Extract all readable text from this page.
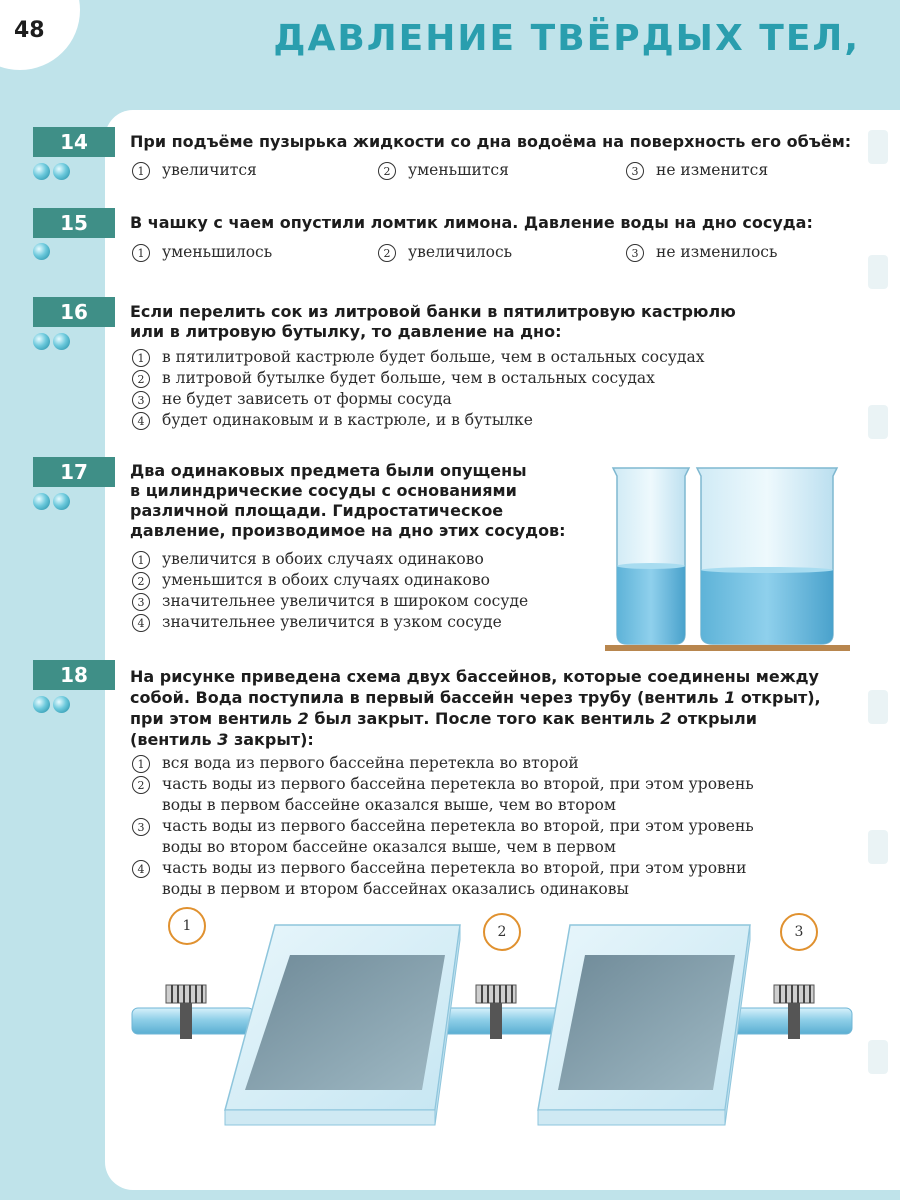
48	ДАВЛЕНИЕ ТВЁРДЫХ ТЕЛ,
14	При подъёме пузырька жидкости со дна водоёма на поверхность его объём:
1	увеличится	2	уменьшится	3	не изменится
15	В чашку с чаем опустили ломтик лимона. Давление воды на дно сосуда:
1	уменьшилось	2	увеличилось	3	не изменилось
16	Если перелить сок из литровой банки в пятилитровую кастрюлю
или в литровую бутылку, то давление на дно:
1	в пятилитровой кастрюле будет больше, чем в остальных сосудах
2	в литровой бутылке будет больше, чем в остальных сосудах
3	не будет зависеть от формы сосуда
4	будет одинаковым и в кастрюле, и в бутылке
17	Два одинаковых предмета были опущены
в цилиндрические сосуды с основаниями
различной площади. Гидростатическое
давление, производимое на дно этих сосудов:
1	увеличится в обоих случаях одинаково
2	уменьшится в обоих случаях одинаково
3	значительнее увеличится в широком сосуде
4	значительнее увеличится в узком сосуде
18	На рисунке приведена схема двух бассейнов, которые соединены между
собой. Вода поступила в первый бассейн через трубу (вентиль 1 открыт),
при этом вентиль 2 был закрыт. После того как вентиль 2 открыли
(вентиль 3 закрыт):
1	вся вода из первого бассейна перетекла во второй
2	часть воды из первого бассейна перетекла во второй, при этом уровень
воды в первом бассейне оказался выше, чем во втором
3	часть воды из первого бассейна перетекла во второй, при этом уровень
воды во втором бассейне оказался выше, чем в первом
4	часть воды из первого бассейна перетекла во второй, при этом уровни
воды в первом и втором бассейнах оказались одинаковы
1	2	3
